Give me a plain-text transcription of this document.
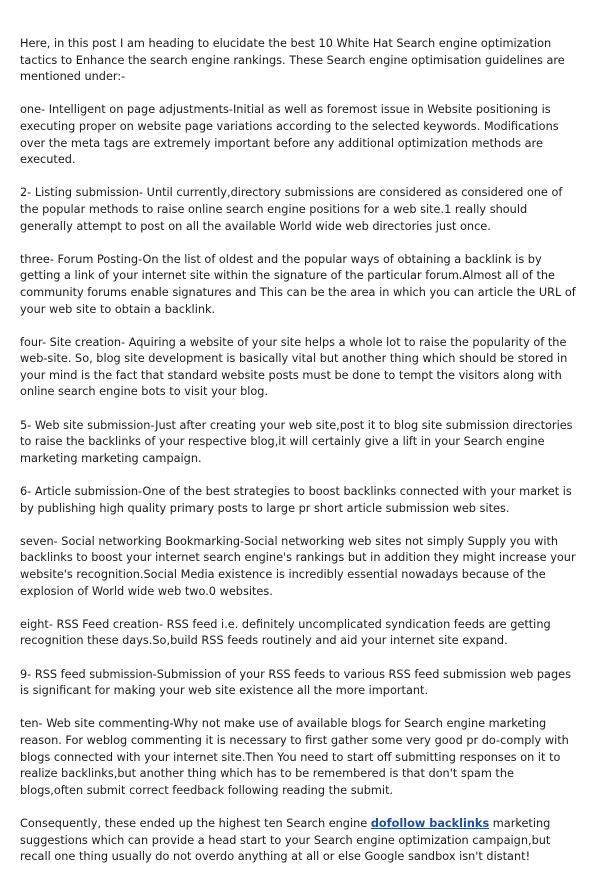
Here, in this post I am heading to elucidate the best 10 White Hat Search engine optimization tactics to Enhance the search engine rankings. These Search engine optimisation guidelines are mentioned under:-

one- Intelligent on page adjustments-Initial as well as foremost issue in Website positioning is executing proper on website page variations according to the selected keywords. Modifications over the meta tags are extremely important before any additional optimization methods are executed.

2- Listing submission- Until currently,directory submissions are considered as considered one of the popular methods to raise online search engine positions for a web site.1 really should generally attempt to post on all the available World wide web directories just once.

three- Forum Posting-On the list of oldest and the popular ways of obtaining a backlink is by getting a link of your internet site within the signature of the particular forum.Almost all of the community forums enable signatures and This can be the area in which you can article the URL of your web site to obtain a backlink.

four- Site creation- Aquiring a website of your site helps a whole lot to raise the popularity of the web-site. So, blog site development is basically vital but another thing which should be stored in your mind is the fact that standard website posts must be done to tempt the visitors along with online search engine bots to visit your blog.

5- Web site submission-Just after creating your web site,post it to blog site submission directories to raise the backlinks of your respective blog,it will certainly give a lift in your Search engine marketing marketing campaign.

6- Article submission-One of the best strategies to boost backlinks connected with your market is by publishing high quality primary posts to large pr short article submission web sites.

seven- Social networking Bookmarking-Social networking web sites not simply Supply you with backlinks to boost your internet search engine's rankings but in addition they might increase your website's recognition.Social Media existence is incredibly essential nowadays because of the explosion of World wide web two.0 websites.

eight- RSS Feed creation- RSS feed i.e. definitely uncomplicated syndication feeds are getting recognition these days.So,build RSS feeds routinely and aid your internet site expand.

9- RSS feed submission-Submission of your RSS feeds to various RSS feed submission web pages is significant for making your web site existence all the more important.

ten- Web site commenting-Why not make use of available blogs for Search engine marketing reason. For weblog commenting it is necessary to first gather some very good pr do-comply with blogs connected with your internet site.Then You need to start off submitting responses on it to realize backlinks,but another thing which has to be remembered is that don't spam the blogs,often submit correct feedback following reading the submit.

Consequently, these ended up the highest ten Search engine dofollow backlinks marketing suggestions which can provide a head start to your Search engine optimization campaign,but recall one thing usually do not overdo anything at all or else Google sandbox isn't distant!
